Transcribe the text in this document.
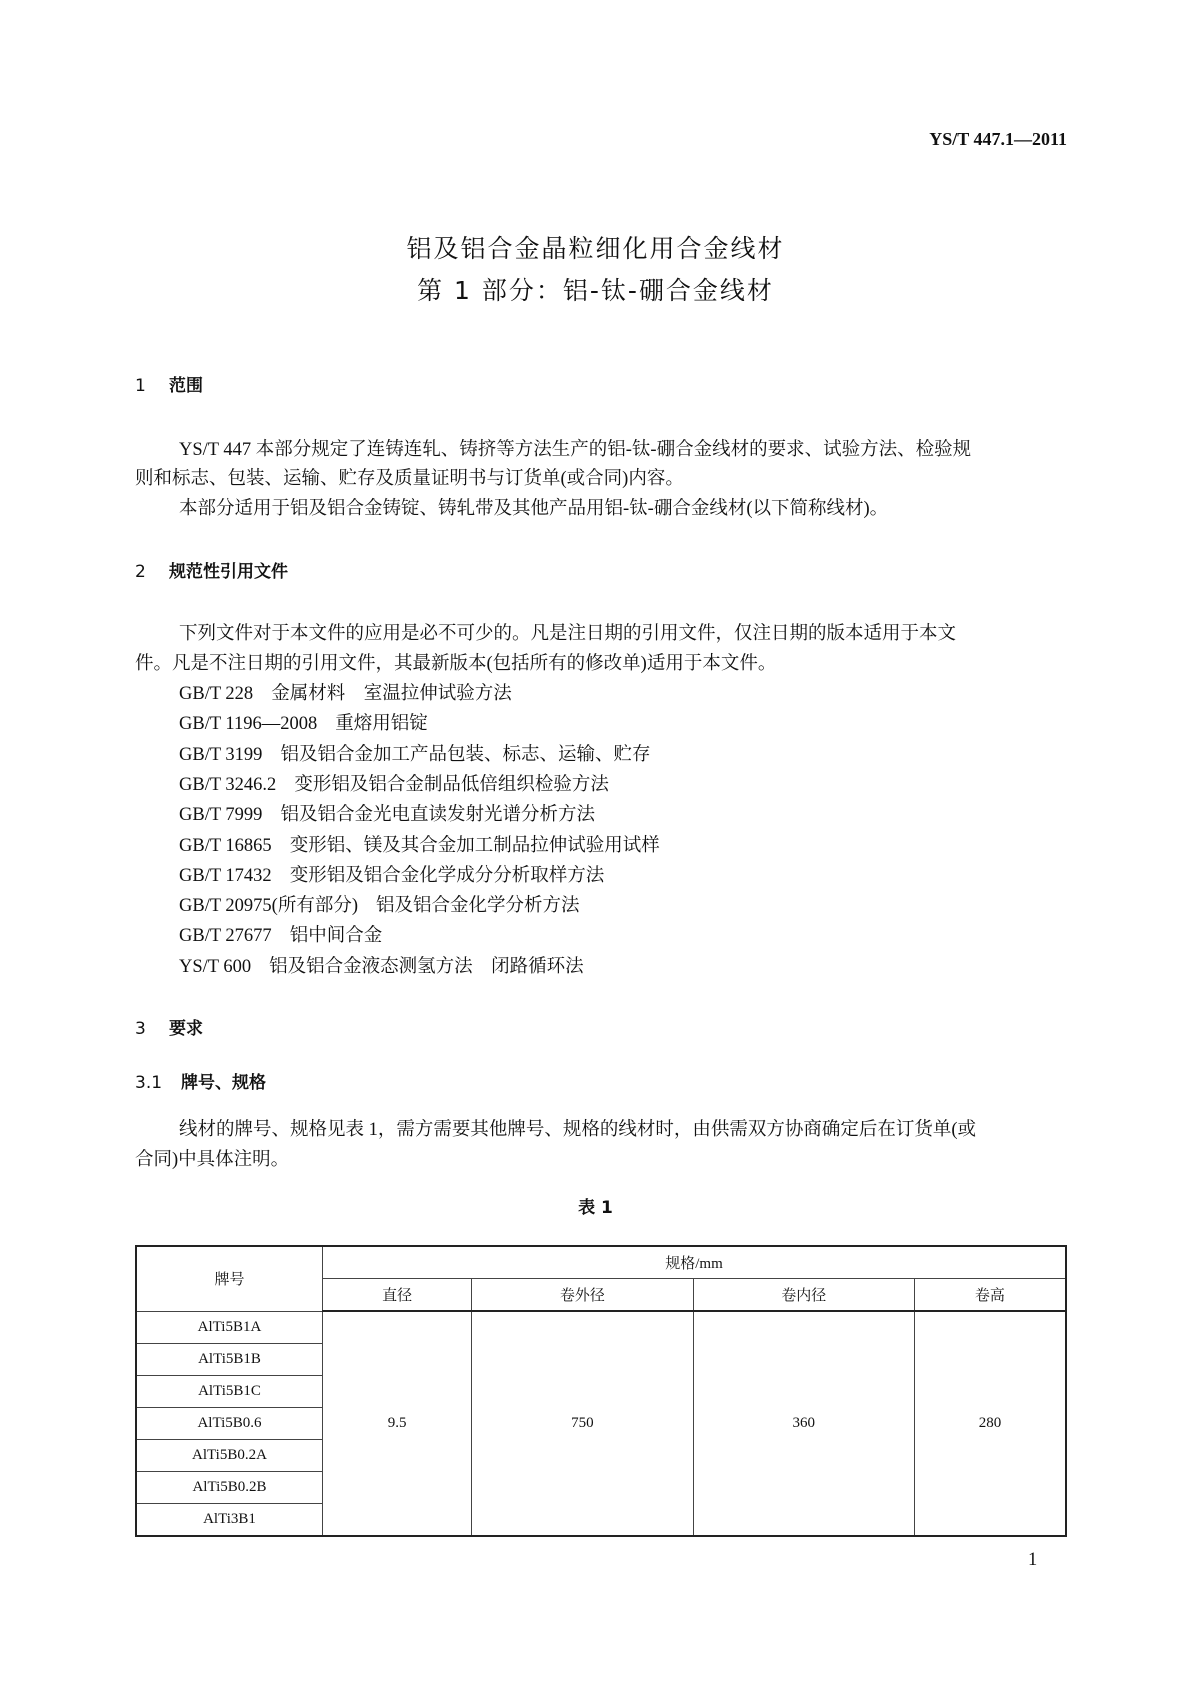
YS/T 447.1—2011
铝及铝合金晶粒细化用合金线材
第 1 部分：铝-钛-硼合金线材
1 范围
YS/T 447 本部分规定了连铸连轧、铸挤等方法生产的铝-钛-硼合金线材的要求、试验方法、检验规
则和标志、包装、运输、贮存及质量证明书与订货单(或合同)内容。
本部分适用于铝及铝合金铸锭、铸轧带及其他产品用铝-钛-硼合金线材(以下简称线材)。
2 规范性引用文件
下列文件对于本文件的应用是必不可少的。凡是注日期的引用文件，仅注日期的版本适用于本文
件。凡是不注日期的引用文件，其最新版本(包括所有的修改单)适用于本文件。
GB/T 228 金属材料　室温拉伸试验方法
GB/T 1196—2008 重熔用铝锭
GB/T 3199 铝及铝合金加工产品包装、标志、运输、贮存
GB/T 3246.2 变形铝及铝合金制品低倍组织检验方法
GB/T 7999 铝及铝合金光电直读发射光谱分析方法
GB/T 16865 变形铝、镁及其合金加工制品拉伸试验用试样
GB/T 17432 变形铝及铝合金化学成分分析取样方法
GB/T 20975(所有部分) 铝及铝合金化学分析方法
GB/T 27677 铝中间合金
YS/T 600 铝及铝合金液态测氢方法　闭路循环法
3 要求
3.1 牌号、规格
线材的牌号、规格见表 1，需方需要其他牌号、规格的线材时，由供需双方协商确定后在订货单(或
合同)中具体注明。
表 1
牌号	规格/mm			
	直径	卷外径	卷内径	卷高
AlTi5B1A	9.5	750	360	280
AlTi5B1B				
AlTi5B1C				
AlTi5B0.6				
AlTi5B0.2A				
AlTi5B0.2B				
AlTi3B1				
1
